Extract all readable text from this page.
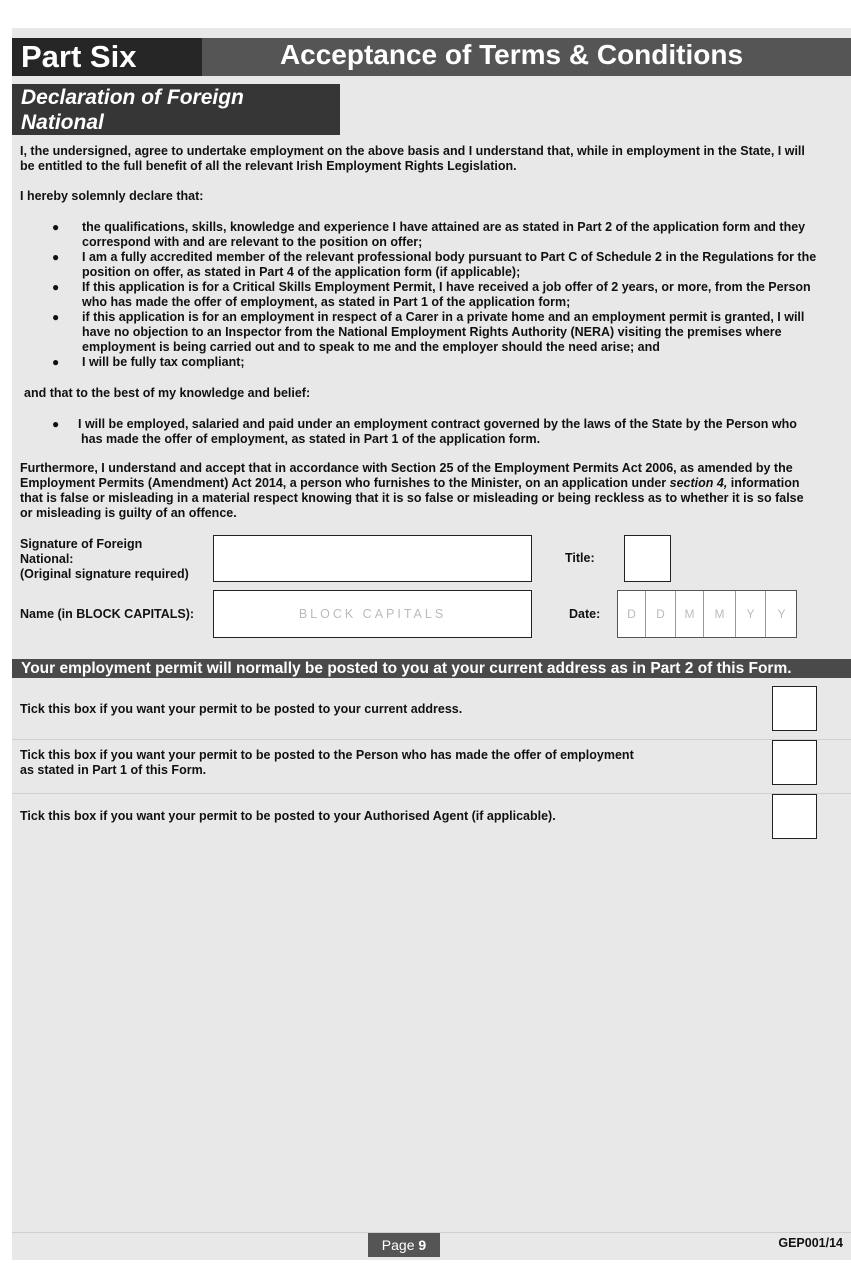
Part Six	Acceptance of Terms & Conditions
Declaration of Foreign
National
I, the undersigned, agree to undertake employment on the above basis and I understand that, while in employment in the State, I will
be entitled to the full benefit of all the relevant Irish Employment Rights Legislation.
I hereby solemnly declare that:
● the qualifications, skills, knowledge and experience I have attained are as stated in Part 2 of the application form and they
correspond with and are relevant to the position on offer;
● I am a fully accredited member of the relevant professional body pursuant to Part C of Schedule 2 in the Regulations for the
position on offer, as stated in Part 4 of the application form (if applicable);
● If this application is for a Critical Skills Employment Permit, I have received a job offer of 2 years, or more, from the Person
who has made the offer of employment, as stated in Part 1 of the application form;
● if this application is for an employment in respect of a Carer in a private home and an employment permit is granted, I will
have no objection to an Inspector from the National Employment Rights Authority (NERA) visiting the premises where
employment is being carried out and to speak to me and the employer should the need arise; and
● I will be fully tax compliant;
and that to the best of my knowledge and belief:
● I will be employed, salaried and paid under an employment contract governed by the laws of the State by the Person who
has made the offer of employment, as stated in Part 1 of the application form.
Furthermore, I understand and accept that in accordance with Section 25 of the Employment Permits Act 2006, as amended by the
Employment Permits (Amendment) Act 2014, a person who furnishes to the Minister, on an application under section 4, information
that is false or misleading in a material respect knowing that it is so false or misleading or being reckless as to whether it is so false
or misleading is guilty of an offence.
Signature of Foreign
National:
(Original signature required)
Title:
Name (in BLOCK CAPITALS):	BLOCK CAPITALS	Date:	D	D	M	M	Y	Y
Your employment permit will normally be posted to you at your current address as in Part 2 of this Form.
Tick this box if you want your permit to be posted to your current address.
Tick this box if you want your permit to be posted to the Person who has made the offer of employment
as stated in Part 1 of this Form.
Tick this box if you want your permit to be posted to your Authorised Agent (if applicable).
Page 9	GEP001/14
